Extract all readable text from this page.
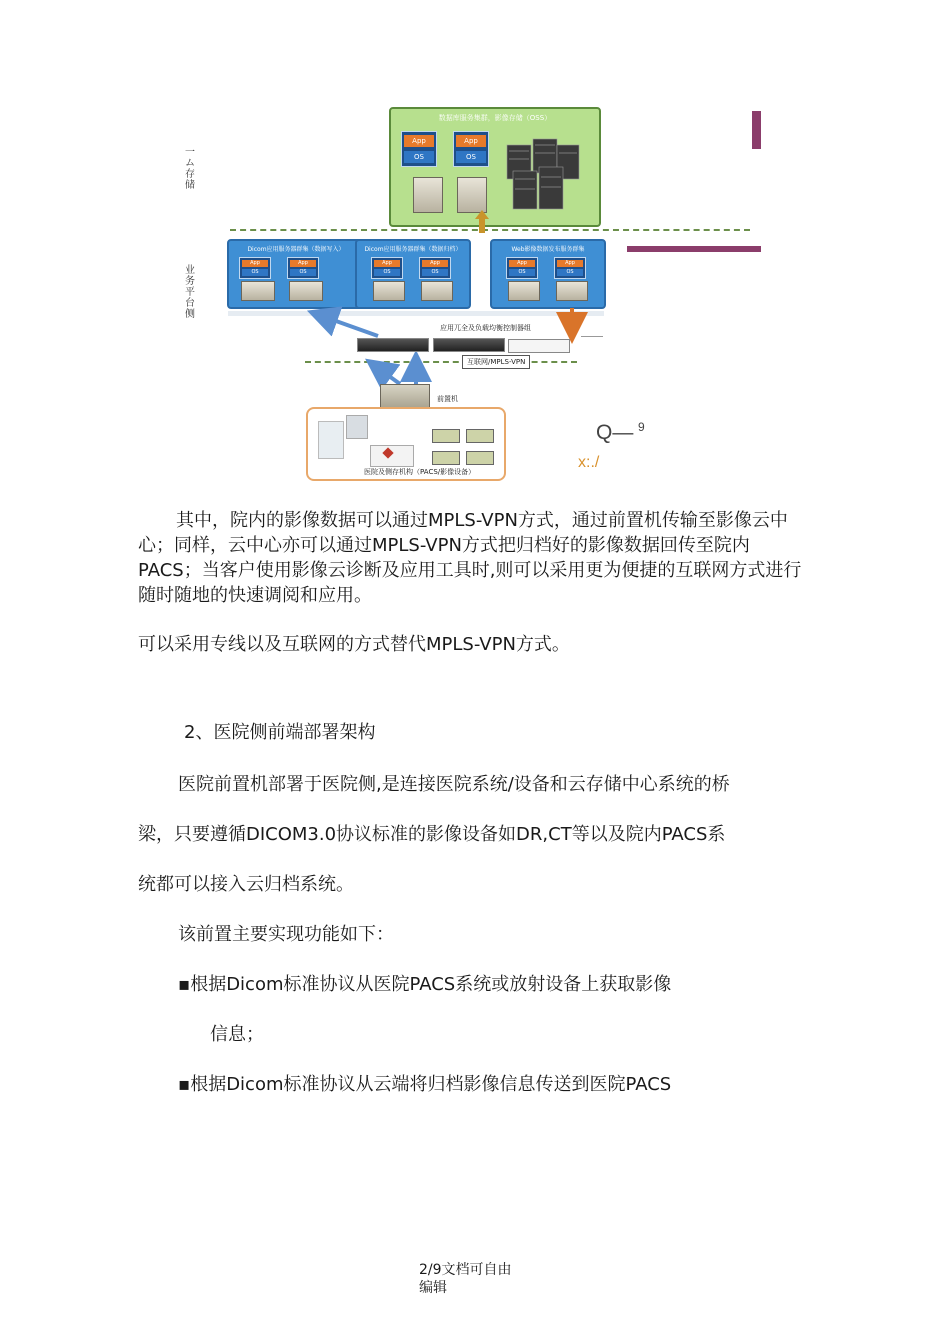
一ム存储
业务平台侧
数据库服务集群，影像存储（OSS）
App
OS
App
OS
Dicom应用服务器群集（数据写入）
App
OS
App
OS
Dicom应用服务器群集（数据归档）
App
OS
App
OS
Web影像数据发布服务群集
App
OS
App
OS
应用兀全及负载均衡控制器组
互联网/MPLS-VPN
前置机
医院及侧存机构（PACS/影像设备）
Q— 9
x:./
其中，院内的影像数据可以通过MPLS-VPN方式，通过前置机传输至影像云中心；同样，云中心亦可以通过MPLS-VPN方式把归档好的影像数据回传至院内PACS；当客户使用影像云诊断及应用工具时,则可以采用更为便捷的互联网方式进行随时随地的快速调阅和应用。
可以采用专线以及互联网的方式替代MPLS-VPN方式。
2、医院侧前端部署架构
医院前置机部署于医院侧,是连接医院系统/设备和云存储中心系统的桥
梁，只要遵循DICOM3.0协议标准的影像设备如DR,CT等以及院内PACS系
统都可以接入云归档系统。
该前置主要实现功能如下：
▪根据Dicom标准协议从医院PACS系统或放射设备上获取影像
信息；
▪根据Dicom标准协议从云端将归档影像信息传送到医院PACS
2/9文档可自由
编辑
